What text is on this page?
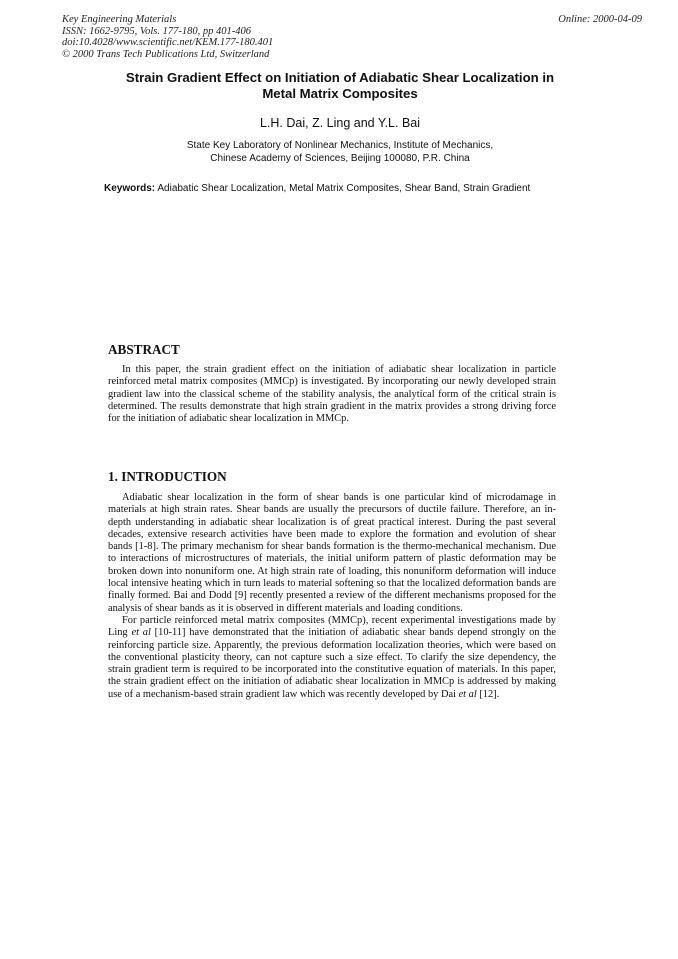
Key Engineering Materials
ISSN: 1662-9795, Vols. 177-180, pp 401-406
doi:10.4028/www.scientific.net/KEM.177-180.401
© 2000 Trans Tech Publications Ltd, Switzerland
Online: 2000-04-09
Strain Gradient Effect on Initiation of Adiabatic Shear Localization in
Metal Matrix Composites
L.H. Dai, Z. Ling and Y.L. Bai
State Key Laboratory of Nonlinear Mechanics, Institute of Mechanics,
Chinese Academy of Sciences, Beijing 100080, P.R. China
Keywords: Adiabatic Shear Localization, Metal Matrix Composites, Shear Band, Strain Gradient
ABSTRACT

In this paper, the strain gradient effect on the initiation of adiabatic shear localization in particle reinforced metal matrix composites (MMCp) is investigated. By incorporating our newly developed strain gradient law into the classical scheme of the stability analysis, the analytical form of the critical strain is determined. The results demonstrate that high strain gradient in the matrix provides a strong driving force for the initiation of adiabatic shear localization in MMCp.

1. INTRODUCTION

Adiabatic shear localization in the form of shear bands is one particular kind of microdamage in materials at high strain rates. Shear bands are usually the precursors of ductile failure. Therefore, an in-depth understanding in adiabatic shear localization is of great practical interest. During the past several decades, extensive research activities have been made to explore the formation and evolution of shear bands [1-8]. The primary mechanism for shear bands formation is the thermo-mechanical mechanism. Due to interactions of microstructures of materials, the initial uniform pattern of plastic deformation may be broken down into nonuniform one. At high strain rate of loading, this nonuniform deformation will induce local intensive heating which in turn leads to material softening so that the localized deformation bands are finally formed. Bai and Dodd [9] recently presented a review of the different mechanisms proposed for the analysis of shear bands as it is observed in different materials and loading conditions.

For particle reinforced metal matrix composites (MMCp), recent experimental investigations made by Ling et al [10-11] have demonstrated that the initiation of adiabatic shear bands depend strongly on the reinforcing particle size. Apparently, the previous deformation localization theories, which were based on the conventional plasticity theory, can not capture such a size effect. To clarify the size dependency, the strain gradient term is required to be incorporated into the constitutive equation of materials. In this paper, the strain gradient effect on the initiation of adiabatic shear localization in MMCp is addressed by making use of a mechanism-based strain gradient law which was recently developed by Dai et al [12].
